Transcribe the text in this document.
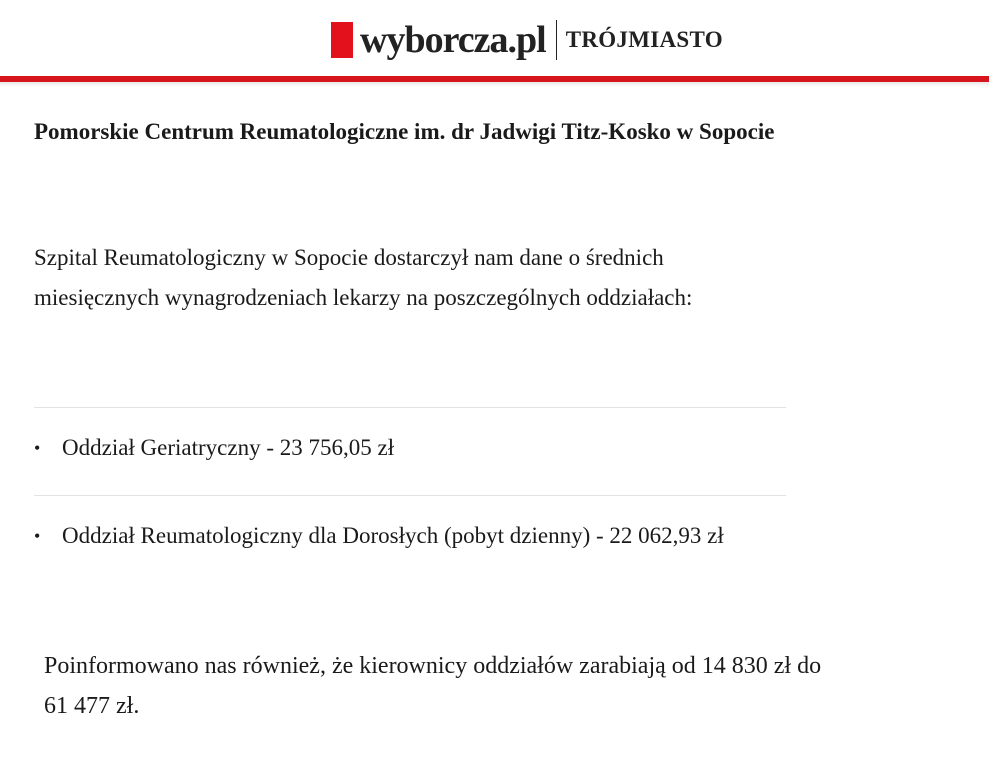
wyborcza.pl TRÓJMIASTO
Pomorskie Centrum Reumatologiczne im. dr Jadwigi Titz-Kosko w Sopocie

Szpital Reumatologiczny w Sopocie dostarczył nam dane o średnich miesięcznych wynagrodzeniach lekarzy na poszczególnych oddziałach:

• Oddział Geriatryczny - 23 756,05 zł
• Oddział Reumatologiczny dla Dorosłych (pobyt dzienny) - 22 062,93 zł

Poinformowano nas również, że kierownicy oddziałów zarabiają od 14 830 zł do 61 477 zł.
